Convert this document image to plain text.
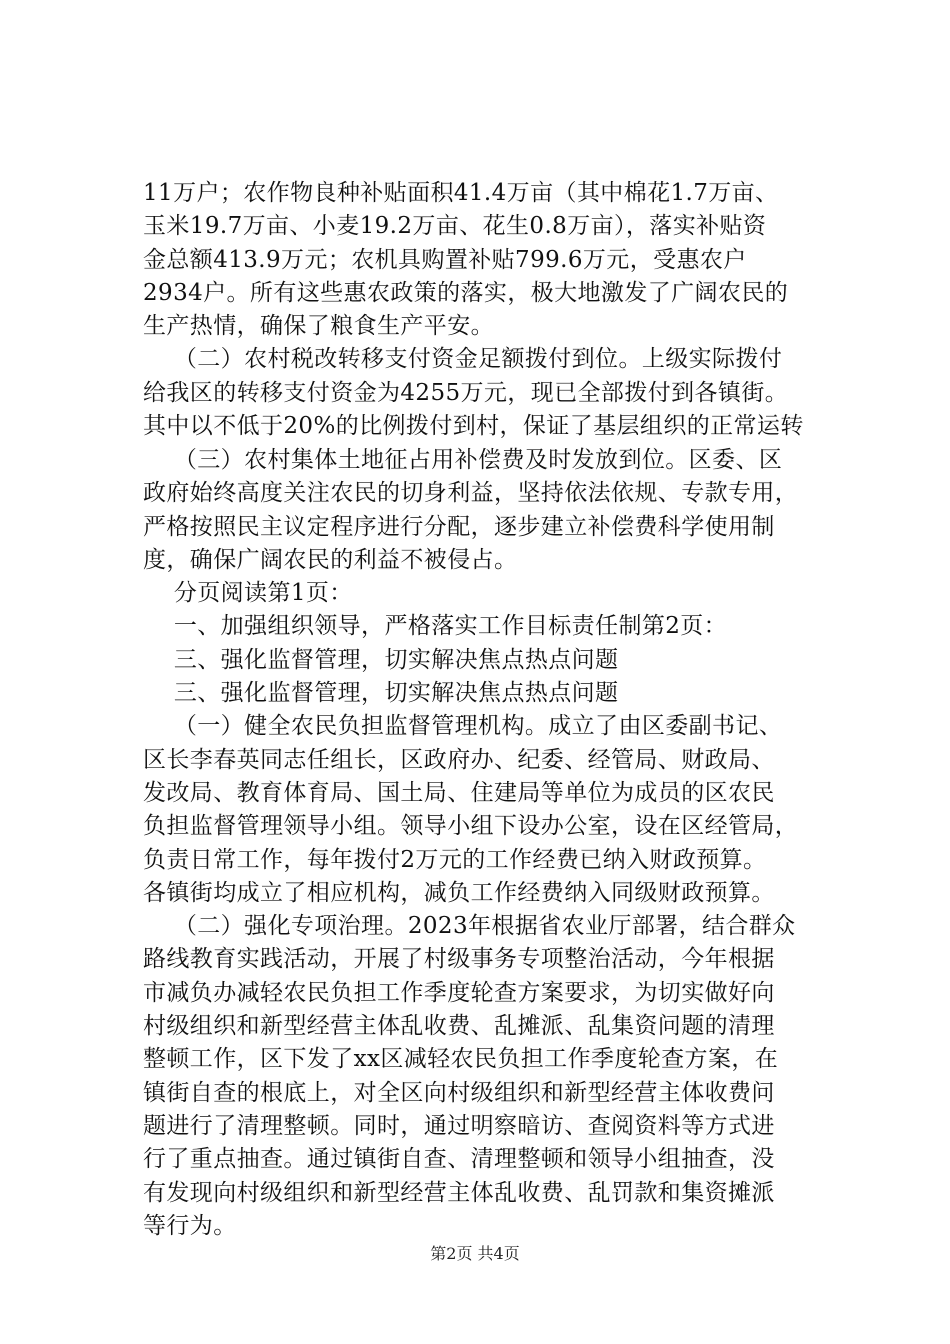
11万户；农作物良种补贴面积41.4万亩（其中棉花1.7万亩、

玉米19.7万亩、小麦19.2万亩、花生0.8万亩），落实补贴资

金总额413.9万元；农机具购置补贴799.6万元，受惠农户

2934户。所有这些惠农政策的落实，极大地激发了广阔农民的

生产热情，确保了粮食生产平安。

（二）农村税改转移支付资金足额拨付到位。上级实际拨付

给我区的转移支付资金为4255万元，现已全部拨付到各镇街。

其中以不低于20%的比例拨付到村，保证了基层组织的正常运转

（三）农村集体土地征占用补偿费及时发放到位。区委、区

政府始终高度关注农民的切身利益，坚持依法依规、专款专用，

严格按照民主议定程序进行分配，逐步建立补偿费科学使用制

度，确保广阔农民的利益不被侵占。

分页阅读第1页：

一、加强组织领导，严格落实工作目标责任制第2页：

三、强化监督管理，切实解决焦点热点问题

三、强化监督管理，切实解决焦点热点问题

（一）健全农民负担监督管理机构。成立了由区委副书记、

区长李春英同志任组长，区政府办、纪委、经管局、财政局、

发改局、教育体育局、国土局、住建局等单位为成员的区农民

负担监督管理领导小组。领导小组下设办公室，设在区经管局，

负责日常工作，每年拨付2万元的工作经费已纳入财政预算。

各镇街均成立了相应机构，减负工作经费纳入同级财政预算。

（二）强化专项治理。2023年根据省农业厅部署，结合群众

路线教育实践活动，开展了村级事务专项整治活动，今年根据

市减负办减轻农民负担工作季度轮查方案要求，为切实做好向

村级组织和新型经营主体乱收费、乱摊派、乱集资问题的清理

整顿工作，区下发了xx区减轻农民负担工作季度轮查方案，在

镇街自查的根底上，对全区向村级组织和新型经营主体收费问

题进行了清理整顿。同时，通过明察暗访、查阅资料等方式进

行了重点抽查。通过镇街自查、清理整顿和领导小组抽查，没

有发现向村级组织和新型经营主体乱收费、乱罚款和集资摊派

等行为。

第2页 共4页
